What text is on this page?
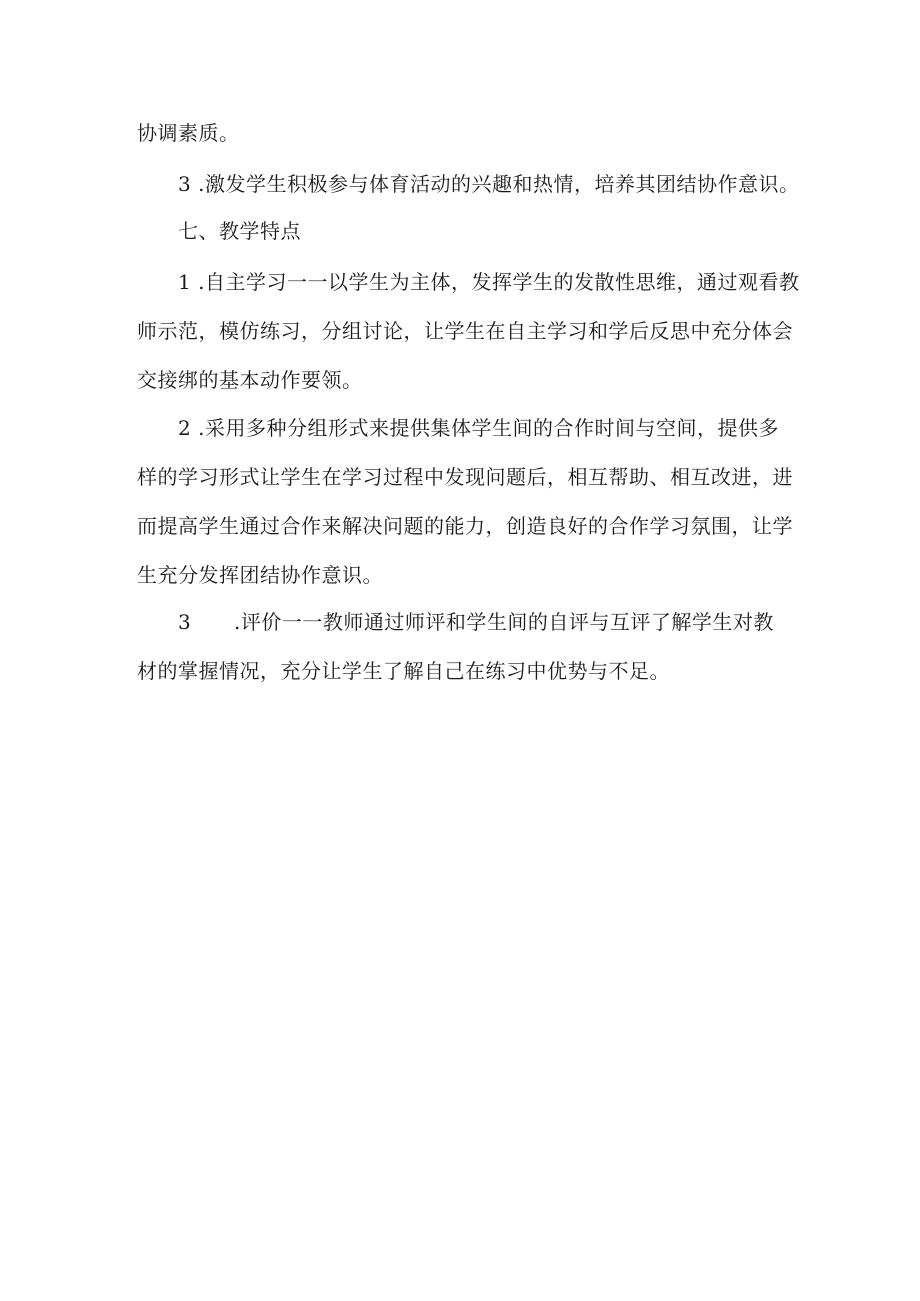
协调素质。
3 .激发学生积极参与体育活动的兴趣和热情，培养其团结协作意识。
七、教学特点
1 .自主学习一一以学生为主体，发挥学生的发散性思维，通过观看教
师示范，模仿练习，分组讨论，让学生在自主学习和学后反思中充分体会
交接绑的基本动作要领。
2 .采用多种分组形式来提供集体学生间的合作时间与空间，提供多
样的学习形式让学生在学习过程中发现问题后，相互帮助、相互改进，进
而提高学生通过合作来解决问题的能力，创造良好的合作学习氛围，让学
生充分发挥团结协作意识。
3 .评价一一教师通过师评和学生间的自评与互评了解学生对教
材的掌握情况，充分让学生了解自己在练习中优势与不足。
